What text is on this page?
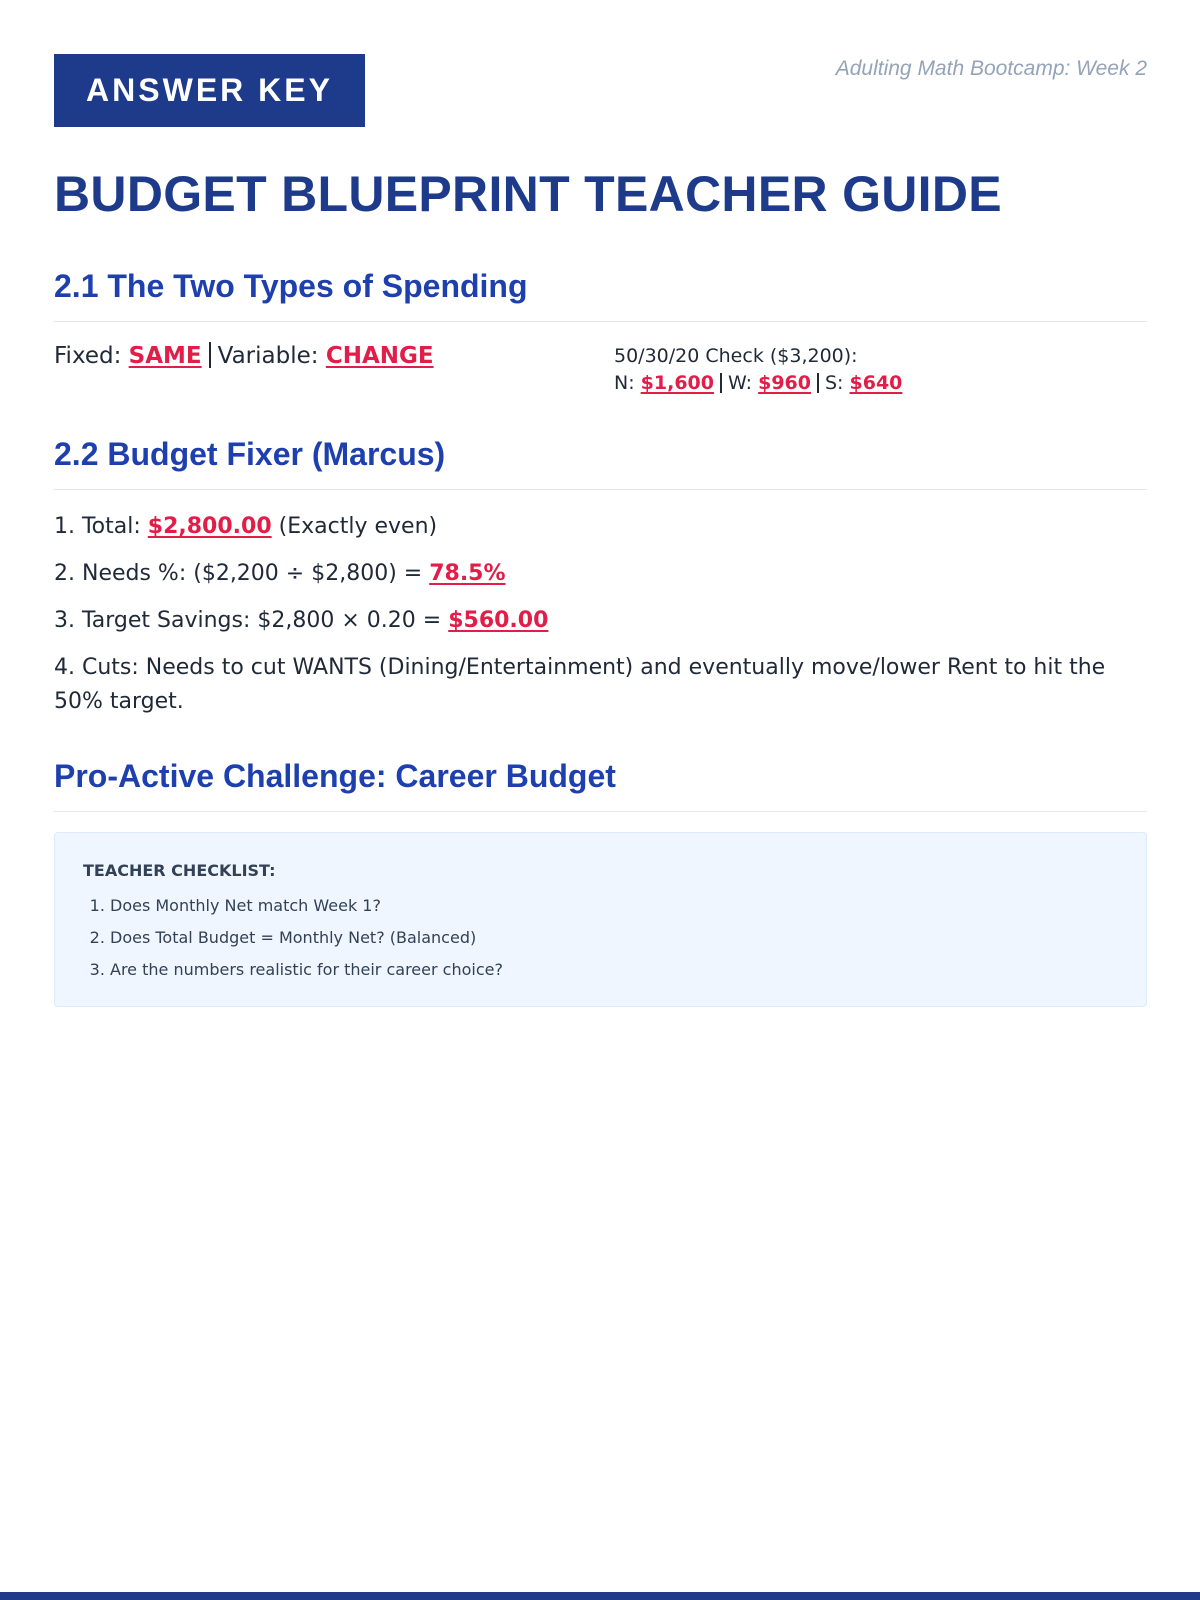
ANSWER KEY
Adulting Math Bootcamp: Week 2
BUDGET BLUEPRINT TEACHER GUIDE
2.1 The Two Types of Spending
Fixed: SAME Variable: CHANGE	50/30/20 Check ($3,200):
N: $1,600 W: $960 S: $640
2.2 Budget Fixer (Marcus)

1. Total: $2,800.00 (Exactly even)

2. Needs %: ($2,200 ÷ $2,800) = 78.5%

3. Target Savings: $2,800 × 0.20 = $560.00

4. Cuts: Needs to cut WANTS (Dining/Entertainment) and eventually move/lower Rent to hit the 50% target.

Pro-Active Challenge: Career Budget
TEACHER CHECKLIST:
1. Does Monthly Net match Week 1?
2. Does Total Budget = Monthly Net? (Balanced)
3. Are the numbers realistic for their career choice?
